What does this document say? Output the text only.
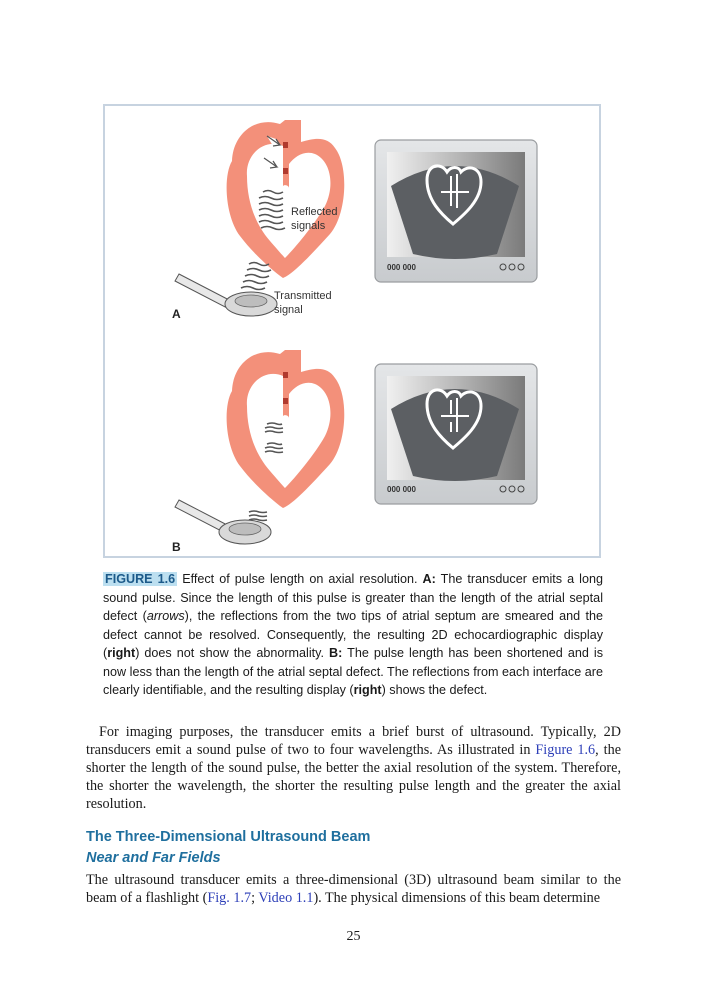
000 000
000 000
Reflected
signals
Transmitted
signal
A
B
FIGURE 1.6 Effect of pulse length on axial resolution. A: The transducer emits a long sound pulse. Since the length of this pulse is greater than the length of the atrial septal defect (arrows), the reflections from the two tips of atrial septum are smeared and the defect cannot be resolved. Consequently, the resulting 2D echocardiographic display (right) does not show the abnormality. B: The pulse length has been shortened and is now less than the length of the atrial septal defect. The reflections from each interface are clearly identifiable, and the resulting display (right) shows the defect.
For imaging purposes, the transducer emits a brief burst of ultrasound. Typically, 2D transducers emit a sound pulse of two to four wavelengths. As illustrated in Figure 1.6, the shorter the length of the sound pulse, the better the axial resolution of the system. Therefore, the shorter the wavelength, the shorter the resulting pulse length and the greater the axial resolution.
The Three-Dimensional Ultrasound Beam
Near and Far Fields
The ultrasound transducer emits a three-dimensional (3D) ultrasound beam similar to the beam of a flashlight (Fig. 1.7; Video 1.1). The physical dimensions of this beam determine
25
